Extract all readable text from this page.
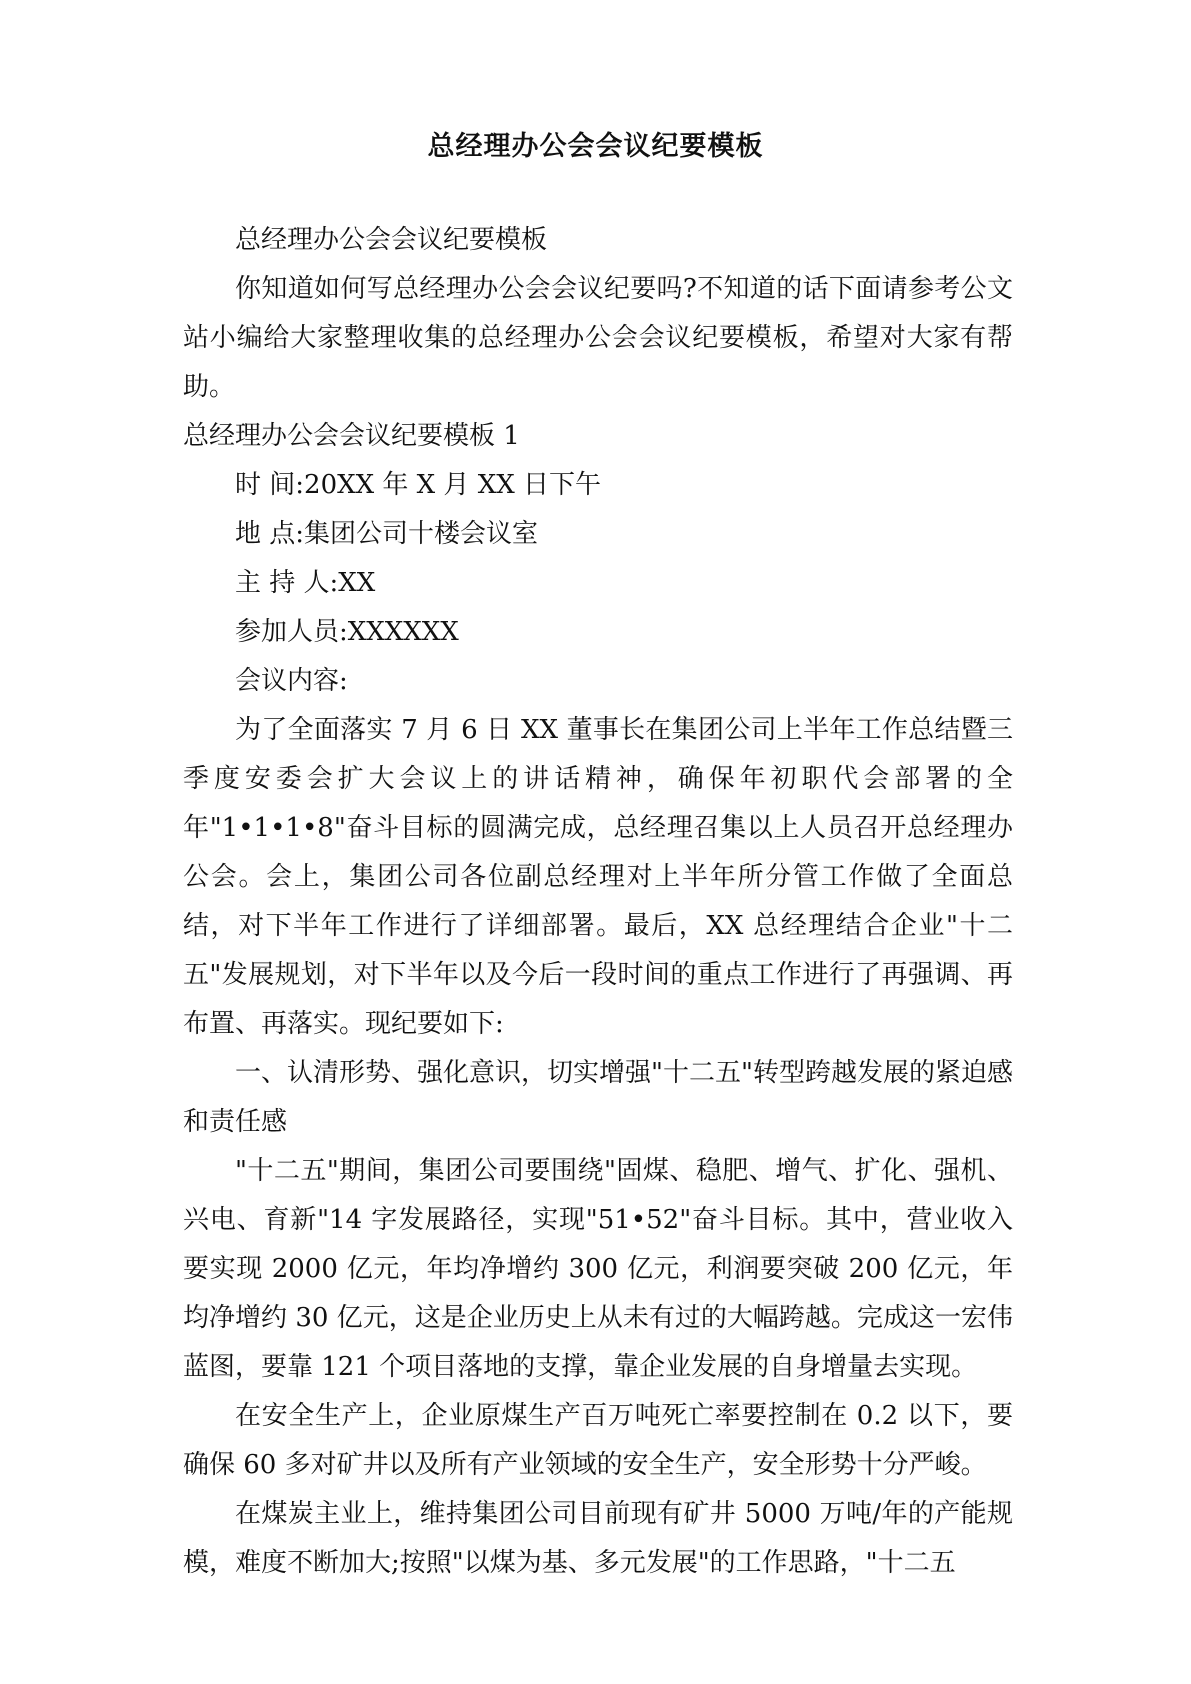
总经理办公会会议纪要模板

总经理办公会会议纪要模板

你知道如何写总经理办公会会议纪要吗?不知道的话下面请参考公文站小编给大家整理收集的总经理办公会会议纪要模板，希望对大家有帮助。

总经理办公会会议纪要模板 1

时 间:20XX 年 X 月 XX 日下午

地 点:集团公司十楼会议室

主 持 人:XX

参加人员:XXXXXX

会议内容:

为了全面落实 7 月 6 日 XX 董事长在集团公司上半年工作总结暨三季度安委会扩大会议上的讲话精神，确保年初职代会部署的全年"1•1•1•8"奋斗目标的圆满完成，总经理召集以上人员召开总经理办公会。会上，集团公司各位副总经理对上半年所分管工作做了全面总结，对下半年工作进行了详细部署。最后，XX 总经理结合企业"十二五"发展规划，对下半年以及今后一段时间的重点工作进行了再强调、再布置、再落实。现纪要如下:

一、认清形势、强化意识，切实增强"十二五"转型跨越发展的紧迫感和责任感

"十二五"期间，集团公司要围绕"固煤、稳肥、增气、扩化、强机、兴电、育新"14 字发展路径，实现"51•52"奋斗目标。其中，营业收入要实现 2000 亿元，年均净增约 300 亿元，利润要突破 200 亿元，年均净增约 30 亿元，这是企业历史上从未有过的大幅跨越。完成这一宏伟蓝图，要靠 121 个项目落地的支撑，靠企业发展的自身增量去实现。

在安全生产上，企业原煤生产百万吨死亡率要控制在 0.2 以下，要确保 60 多对矿井以及所有产业领域的安全生产，安全形势十分严峻。

在煤炭主业上，维持集团公司目前现有矿井 5000 万吨/年的产能规模，难度不断加大;按照"以煤为基、多元发展"的工作思路，"十二五
